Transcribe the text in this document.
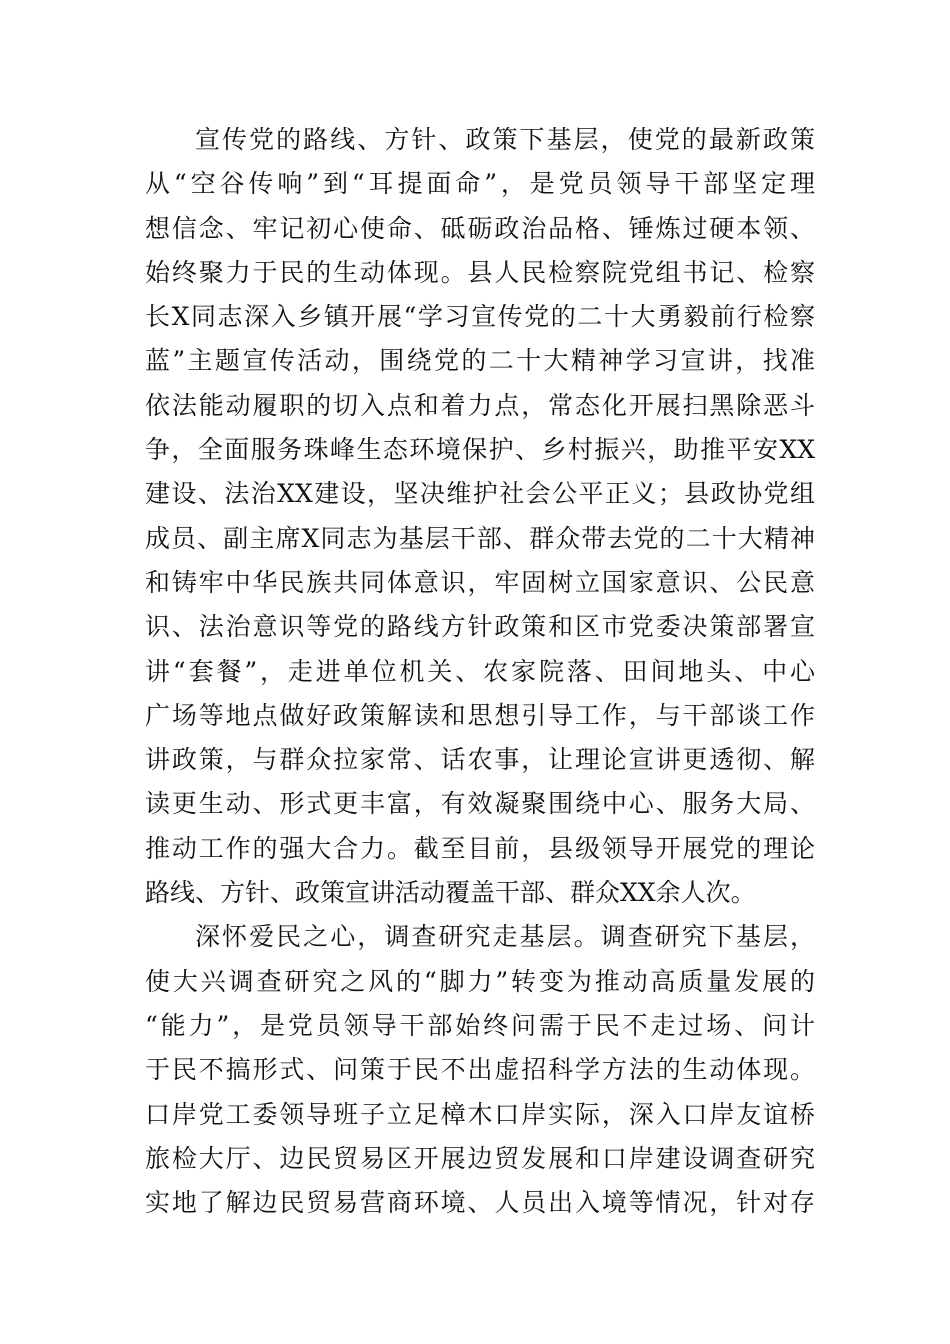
宣传党的路线、方针、政策下基层，使党的最新政策
从“空谷传响”到“耳提面命”，是党员领导干部坚定理
想信念、牢记初心使命、砥砺政治品格、锤炼过硬本领、
始终聚力于民的生动体现。县人民检察院党组书记、检察
长X同志深入乡镇开展“学习宣传党的二十大勇毅前行检察
蓝”主题宣传活动，围绕党的二十大精神学习宣讲，找准
依法能动履职的切入点和着力点，常态化开展扫黑除恶斗
争，全面服务珠峰生态环境保护、乡村振兴，助推平安XX
建设、法治XX建设，坚决维护社会公平正义；县政协党组
成员、副主席X同志为基层干部、群众带去党的二十大精神
和铸牢中华民族共同体意识，牢固树立国家意识、公民意
识、法治意识等党的路线方针政策和区市党委决策部署宣
讲“套餐”，走进单位机关、农家院落、田间地头、中心
广场等地点做好政策解读和思想引导工作，与干部谈工作
讲政策，与群众拉家常、话农事，让理论宣讲更透彻、解
读更生动、形式更丰富，有效凝聚围绕中心、服务大局、
推动工作的强大合力。截至目前，县级领导开展党的理论
路线、方针、政策宣讲活动覆盖干部、群众XX余人次。
深怀爱民之心，调查研究走基层。调查研究下基层，
使大兴调查研究之风的“脚力”转变为推动高质量发展的
“能力”，是党员领导干部始终问需于民不走过场、问计
于民不搞形式、问策于民不出虚招科学方法的生动体现。
口岸党工委领导班子立足樟木口岸实际，深入口岸友谊桥
旅检大厅、边民贸易区开展边贸发展和口岸建设调查研究
实地了解边民贸易营商环境、人员出入境等情况，针对存
